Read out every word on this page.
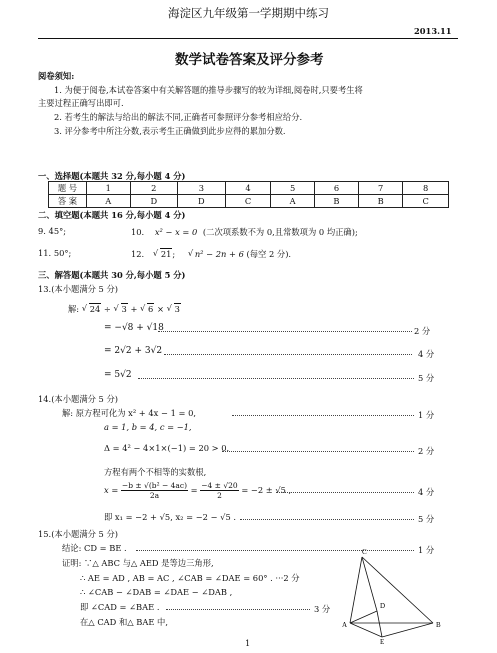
海淀区九年级第一学期期中练习
2013.11
数学试卷答案及评分参考
阅卷须知:
1. 为便于阅卷,本试卷答案中有关解答题的推导步骤写的较为详细,阅卷时,只要考生将
主要过程正确写出即可.
2. 若考生的解法与给出的解法不同,正确者可参照评分参考相应给分.
3. 评分参考中所注分数,表示考生正确做到此步应得的累加分数.
一、选择题(本题共 32 分,每小题 4 分)
题 号	1	2	3	4	5	6	7	8
答 案	A	D	D	C	A	B	B	C
二、填空题(本题共 16 分,每小题 4 分)
9. 45°;	10. x² − x = 0 (二次项系数不为 0,且常数项为 0 均正确);
11. 50°;	12. √ 21; √ n² − 2n + 6 (每空 2 分).
三、解答题(本题共 30 分,每小题 5 分)
13.(本小题满分 5 分)
解: √ 24 ÷ √ 3 + √ 6 × √ 3
= −√8 + √18	2 分
= 2√2 + 3√2	4 分
= 5√2	5 分
14.(本小题满分 5 分)
解: 原方程可化为 x² + 4x − 1 = 0,	1 分
a = 1, b = 4, c = −1,
Δ = 4² − 4×1×(−1) = 20 > 0.	2 分
方程有两个不相等的实数根,
$x = \frac{\text{−b ± √(b² − 4ac)}}{2a} = \frac{-4 \pm √20}{2} = -2 \pm √5$ ,	4 分
即 x₁ = −2 + √5, x₂ = −2 − √5 .	5 分
15.(本小题满分 5 分)
结论: CD = BE .	1 分
证明: ∵△ ABC 与△ AED 是等边三角形,
∴ AE = AD , AB = AC , ∠CAB = ∠DAE = 60° . ···2 分
∴ ∠CAB − ∠DAB = ∠DAE − ∠DAB ,
即 ∠CAD = ∠BAE .	3 分
在△ CAD 和△ BAE 中,
C
D
A	B
E
1
